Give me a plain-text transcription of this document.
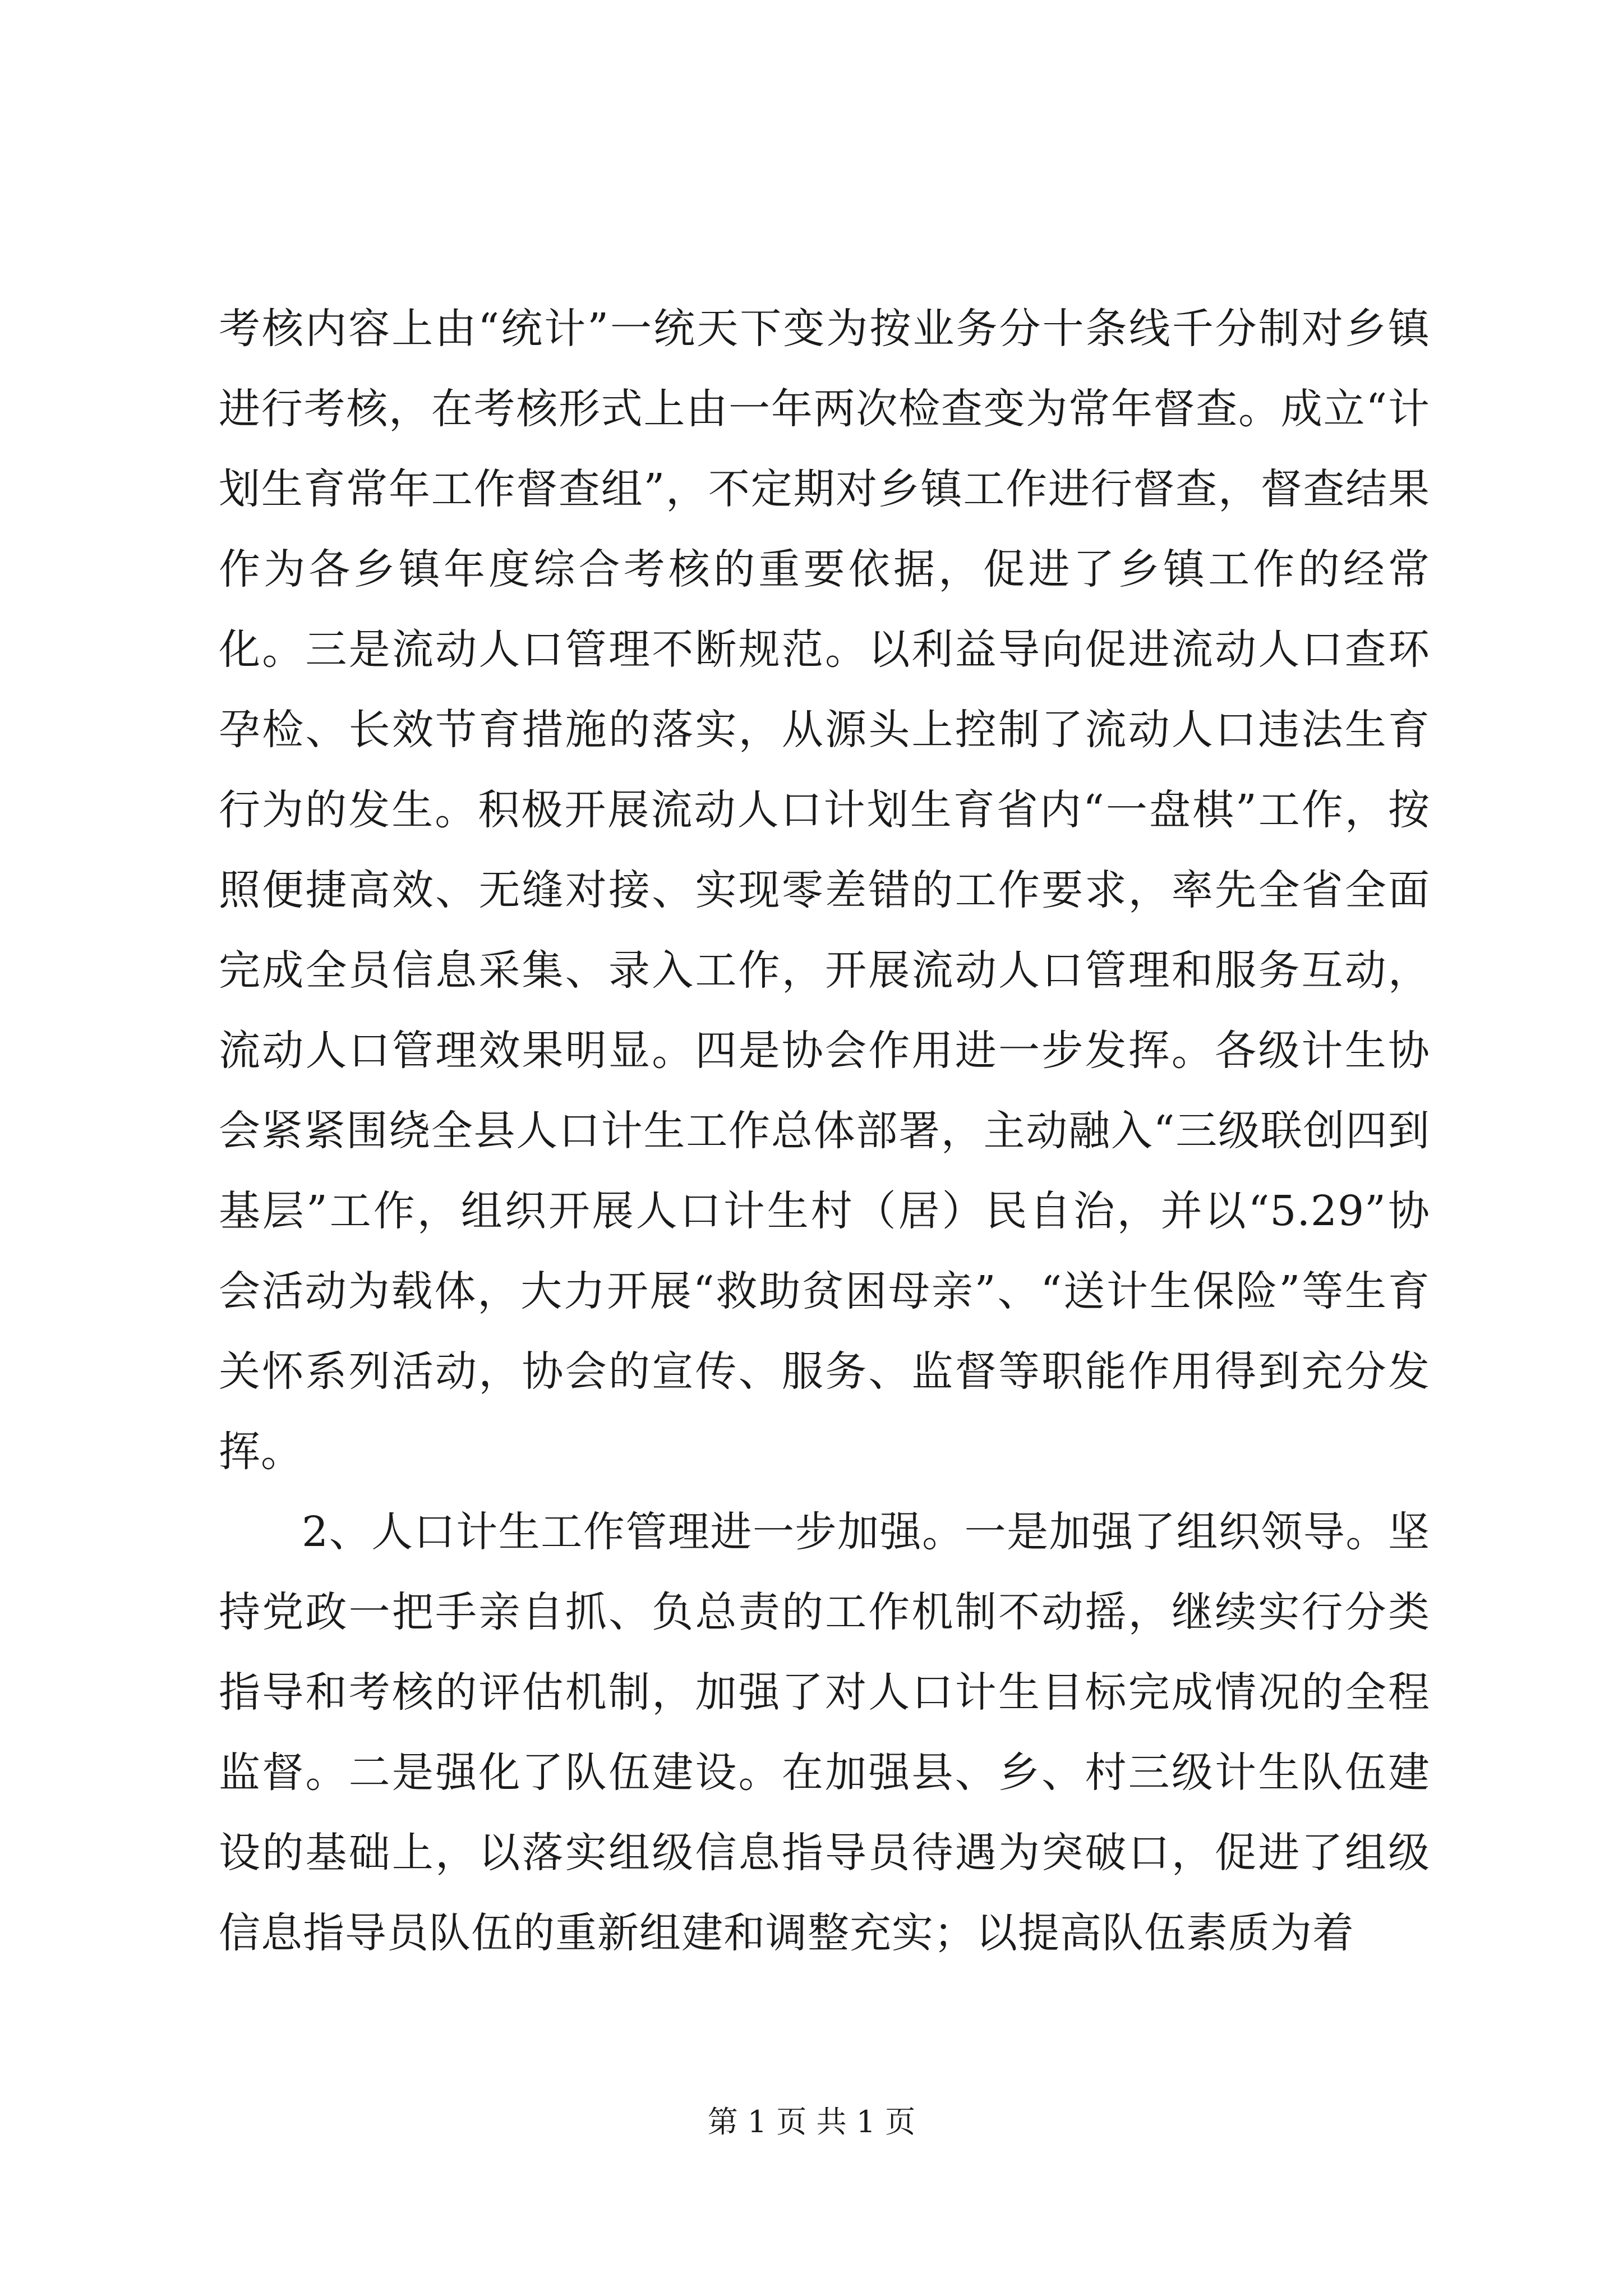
考核内容上由“统计”一统天下变为按业务分十条线千分制对乡镇进行考核，在考核形式上由一年两次检查变为常年督查。成立“计划生育常年工作督查组”，不定期对乡镇工作进行督查，督查结果作为各乡镇年度综合考核的重要依据，促进了乡镇工作的经常化。三是流动人口管理不断规范。以利益导向促进流动人口查环孕检、长效节育措施的落实，从源头上控制了流动人口违法生育行为的发生。积极开展流动人口计划生育省内“一盘棋”工作，按照便捷高效、无缝对接、实现零差错的工作要求，率先全省全面完成全员信息采集、录入工作，开展流动人口管理和服务互动，流动人口管理效果明显。四是协会作用进一步发挥。各级计生协会紧紧围绕全县人口计生工作总体部署，主动融入“三级联创四到基层”工作，组织开展人口计生村（居）民自治，并以“5.29”协会活动为载体，大力开展“救助贫困母亲”、“送计生保险”等生育关怀系列活动，协会的宣传、服务、监督等职能作用得到充分发挥。

2、人口计生工作管理进一步加强。一是加强了组织领导。坚持党政一把手亲自抓、负总责的工作机制不动摇，继续实行分类指导和考核的评估机制，加强了对人口计生目标完成情况的全程监督。二是强化了队伍建设。在加强县、乡、村三级计生队伍建设的基础上，以落实组级信息指导员待遇为突破口，促进了组级信息指导员队伍的重新组建和调整充实；以提高队伍素质为着

第 1 页 共 1 页
